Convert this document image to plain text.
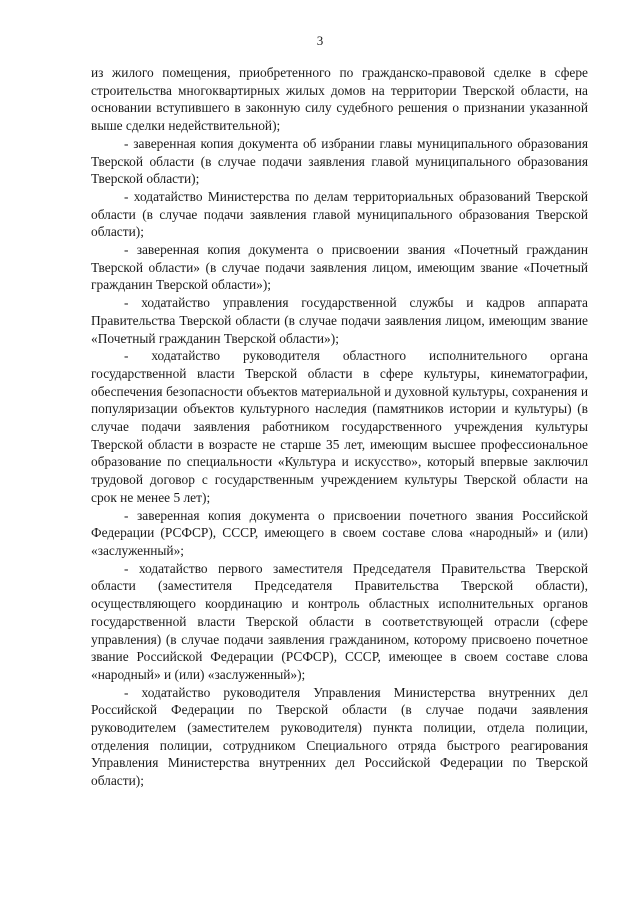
3

из жилого помещения, приобретенного по гражданско-правовой сделке в сфере строительства многоквартирных жилых домов на территории Тверской области, на основании вступившего в законную силу судебного решения о признании указанной выше сделки недействительной);

- заверенная копия документа об избрании главы муниципального образования Тверской области (в случае подачи заявления главой муниципального образования Тверской области);

- ходатайство Министерства по делам территориальных образований Тверской области (в случае подачи заявления главой муниципального образования Тверской области);

- заверенная копия документа о присвоении звания «Почетный гражданин Тверской области» (в случае подачи заявления лицом, имеющим звание «Почетный гражданин Тверской области»);

- ходатайство управления государственной службы и кадров аппарата Правительства Тверской области (в случае подачи заявления лицом, имеющим звание «Почетный гражданин Тверской области»);

- ходатайство руководителя областного исполнительного органа государственной власти Тверской области в сфере культуры, кинематографии, обеспечения безопасности объектов материальной и духовной культуры, сохранения и популяризации объектов культурного наследия (памятников истории и культуры) (в случае подачи заявления работником государственного учреждения культуры Тверской области в возрасте не старше 35 лет, имеющим высшее профессиональное образование по специальности «Культура и искусство», который впервые заключил трудовой договор с государственным учреждением культуры Тверской области на срок не менее 5 лет);

- заверенная копия документа о присвоении почетного звания Российской Федерации (РСФСР), СССР, имеющего в своем составе слова «народный» и (или) «заслуженный»;

- ходатайство первого заместителя Председателя Правительства Тверской области (заместителя Председателя Правительства Тверской области), осуществляющего координацию и контроль областных исполнительных органов государственной власти Тверской области в соответствующей отрасли (сфере управления) (в случае подачи заявления гражданином, которому присвоено почетное звание Российской Федерации (РСФСР), СССР, имеющее в своем составе слова «народный» и (или) «заслуженный»);

- ходатайство руководителя Управления Министерства внутренних дел Российской Федерации по Тверской области (в случае подачи заявления руководителем (заместителем руководителя) пункта полиции, отдела полиции, отделения полиции, сотрудником Специального отряда быстрого реагирования Управления Министерства внутренних дел Российской Федерации по Тверской области);
